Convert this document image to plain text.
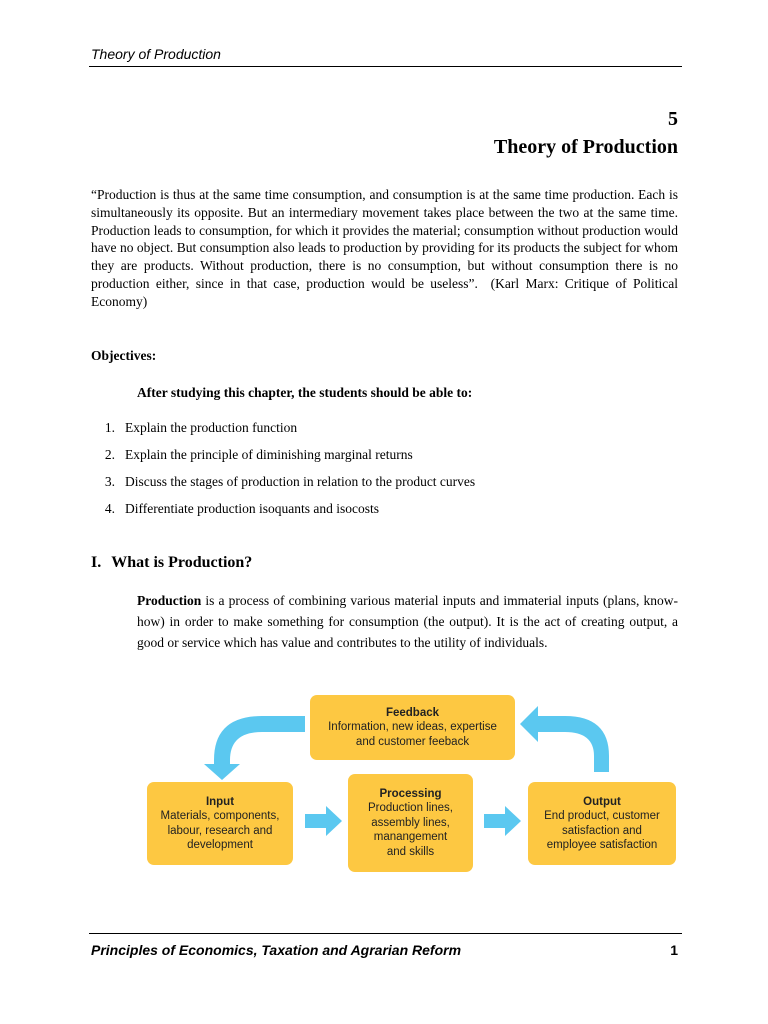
Theory of Production
5
Theory of Production
“Production is thus at the same time consumption, and consumption is at the same time production. Each is simultaneously its opposite. But an intermediary movement takes place between the two at the same time. Production leads to consumption, for which it provides the material; consumption without production would have no object. But consumption also leads to production by providing for its products the subject for whom they are products. Without production, there is no consumption, but without consumption there is no production either, since in that case, production would be useless”. (Karl Marx: Critique of Political Economy)
Objectives:
After studying this chapter, the students should be able to:
1. Explain the production function
2. Explain the principle of diminishing marginal returns
3. Discuss the stages of production in relation to the product curves
4. Differentiate production isoquants and isocosts
I. What is Production?
Production is a process of combining various material inputs and immaterial inputs (plans, know-how) in order to make something for consumption (the output). It is the act of creating output, a good or service which has value and contributes to the utility of individuals.
Feedback
Information, new ideas, expertise
and customer feeback
Input
Materials, components,
labour, research and
development
Processing
Production lines,
assembly lines,
manangement
and skills
Output
End product, customer
satisfaction and
employee satisfaction
Principles of Economics, Taxation and Agrarian Reform	1
